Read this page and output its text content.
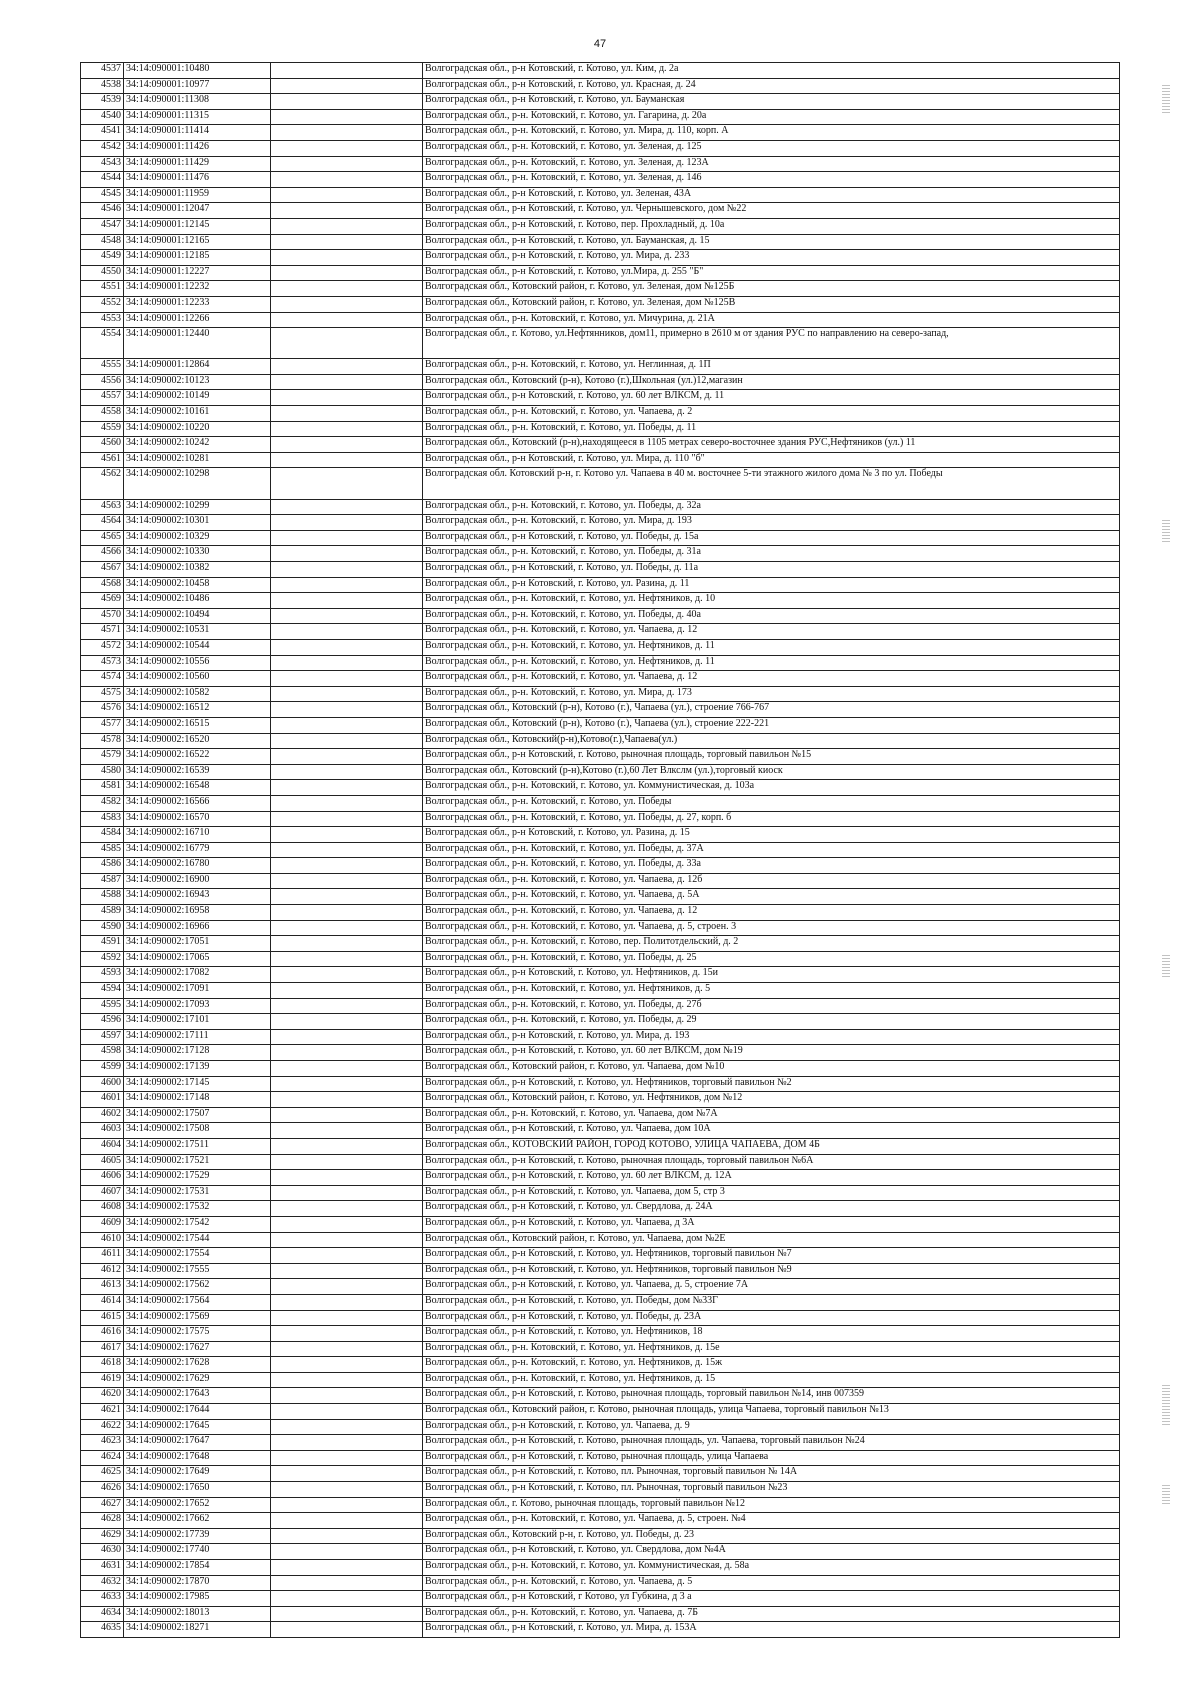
47
4537	34:14:090001:10480			Волгоградская обл., р-н Котовский, г. Котово, ул. Ким, д. 2а
4538	34:14:090001:10977			Волгоградская обл., р-н Котовский, г. Котово, ул. Красная, д. 24
4539	34:14:090001:11308			Волгоградская обл., р-н Котовский, г. Котово, ул. Бауманская
4540	34:14:090001:11315			Волгоградская обл., р-н. Котовский, г. Котово, ул. Гагарина, д. 20а
4541	34:14:090001:11414			Волгоградская обл., р-н. Котовский, г. Котово, ул. Мира, д. 110, корп. А
4542	34:14:090001:11426			Волгоградская обл., р-н. Котовский, г. Котово, ул. Зеленая, д. 125
4543	34:14:090001:11429			Волгоградская обл., р-н. Котовский, г. Котово, ул. Зеленая, д. 123А
4544	34:14:090001:11476			Волгоградская обл., р-н. Котовский, г. Котово, ул. Зеленая, д. 146
4545	34:14:090001:11959			Волгоградская обл., р-н Котовский, г. Котово, ул. Зеленая, 43А
4546	34:14:090001:12047			Волгоградская обл., р-н Котовский, г. Котово, ул. Чернышевского, дом №22
4547	34:14:090001:12145			Волгоградская обл., р-н Котовский, г. Котово, пер. Прохладный, д. 10а
4548	34:14:090001:12165			Волгоградская обл., р-н Котовский, г. Котово, ул. Бауманская, д. 15
4549	34:14:090001:12185			Волгоградская обл., р-н Котовский, г. Котово, ул. Мира, д. 233
4550	34:14:090001:12227			Волгоградская обл., р-н Котовский, г. Котово, ул.Мира, д. 255 "Б"
4551	34:14:090001:12232			Волгоградская обл., Котовский район, г. Котово, ул. Зеленая, дом №125Б
4552	34:14:090001:12233			Волгоградская обл., Котовский район, г. Котово, ул. Зеленая, дом №125В
4553	34:14:090001:12266			Волгоградская обл., р-н. Котовский, г. Котово, ул. Мичурина, д. 21А
4554	34:14:090001:12440			Волгоградская обл., г. Котово, ул.Нефтянников, дом11, примерно в 2610 м от здания РУС по направлению на северо-запад,
4555	34:14:090001:12864			Волгоградская обл., р-н. Котовский, г. Котово, ул. Неглинная, д. 1П
4556	34:14:090002:10123			Волгоградская обл., Котовский (р-н), Котово (г.),Школьная (ул.)12,магазин
4557	34:14:090002:10149			Волгоградская обл., р-н Котовский, г. Котово, ул. 60 лет ВЛКСМ, д. 11
4558	34:14:090002:10161			Волгоградская обл., р-н. Котовский, г. Котово, ул. Чапаева, д. 2
4559	34:14:090002:10220			Волгоградская обл., р-н. Котовский, г. Котово, ул. Победы, д. 11
4560	34:14:090002:10242			Волгоградская обл., Котовский (р-н),находящееся в 1105 метрах северо-восточнее здания РУС,Нефтяников (ул.) 11
4561	34:14:090002:10281			Волгоградская обл., р-н Котовский, г. Котово, ул. Мира, д. 110 "б"
4562	34:14:090002:10298			Волгоградская обл. Котовский р-н, г. Котово ул. Чапаева в 40 м. восточнее 5-ти этажного жилого дома № 3 по ул. Победы
4563	34:14:090002:10299			Волгоградская обл., р-н. Котовский, г. Котово, ул. Победы, д. 32а
4564	34:14:090002:10301			Волгоградская обл., р-н. Котовский, г. Котово, ул. Мира, д. 193
4565	34:14:090002:10329			Волгоградская обл., р-н Котовский, г. Котово, ул. Победы, д. 15а
4566	34:14:090002:10330			Волгоградская обл., р-н. Котовский, г. Котово, ул. Победы, д. 31а
4567	34:14:090002:10382			Волгоградская обл., р-н Котовский, г. Котово, ул. Победы, д. 11а
4568	34:14:090002:10458			Волгоградская обл., р-н Котовский, г. Котово, ул. Разина, д. 11
4569	34:14:090002:10486			Волгоградская обл., р-н. Котовский, г. Котово, ул. Нефтяников, д. 10
4570	34:14:090002:10494			Волгоградская обл., р-н. Котовский, г. Котово, ул. Победы, д. 40а
4571	34:14:090002:10531			Волгоградская обл., р-н. Котовский, г. Котово, ул. Чапаева, д. 12
4572	34:14:090002:10544			Волгоградская обл., р-н. Котовский, г. Котово, ул. Нефтяников, д. 11
4573	34:14:090002:10556			Волгоградская обл., р-н. Котовский, г. Котово, ул. Нефтяников, д. 11
4574	34:14:090002:10560			Волгоградская обл., р-н. Котовский, г. Котово, ул. Чапаева, д. 12
4575	34:14:090002:10582			Волгоградская обл., р-н. Котовский, г. Котово, ул. Мира, д. 173
4576	34:14:090002:16512			Волгоградская обл., Котовский (р-н), Котово (г.), Чапаева (ул.), строение 766-767
4577	34:14:090002:16515			Волгоградская обл., Котовский (р-н), Котово (г.), Чапаева (ул.), строение 222-221
4578	34:14:090002:16520			Волгоградская обл., Котовский(р-н),Котово(г.),Чапаева(ул.)
4579	34:14:090002:16522			Волгоградская обл., р-н Котовский, г. Котово, рыночная площадь, торговый павильон №15
4580	34:14:090002:16539			Волгоградская обл., Котовский (р-н),Котово (г.),60 Лет Влкслм (ул.),торговый киоск
4581	34:14:090002:16548			Волгоградская обл., р-н. Котовский, г. Котово, ул. Коммунистическая, д. 103а
4582	34:14:090002:16566			Волгоградская обл., р-н. Котовский, г. Котово, ул. Победы
4583	34:14:090002:16570			Волгоградская обл., р-н. Котовский, г. Котово, ул. Победы, д. 27, корп. б
4584	34:14:090002:16710			Волгоградская обл., р-н Котовский, г. Котово, ул. Разина, д. 15
4585	34:14:090002:16779			Волгоградская обл., р-н. Котовский, г. Котово, ул. Победы, д. 37А
4586	34:14:090002:16780			Волгоградская обл., р-н. Котовский, г. Котово, ул. Победы, д. 33а
4587	34:14:090002:16900			Волгоградская обл., р-н. Котовский, г. Котово, ул. Чапаева, д. 12б
4588	34:14:090002:16943			Волгоградская обл., р-н. Котовский, г. Котово, ул. Чапаева, д. 5А
4589	34:14:090002:16958			Волгоградская обл., р-н. Котовский, г. Котово, ул. Чапаева, д. 12
4590	34:14:090002:16966			Волгоградская обл., р-н. Котовский, г. Котово, ул. Чапаева, д. 5, строен. 3
4591	34:14:090002:17051			Волгоградская обл., р-н. Котовский, г. Котово, пер. Политотдельский, д. 2
4592	34:14:090002:17065			Волгоградская обл., р-н. Котовский, г. Котово, ул. Победы, д. 25
4593	34:14:090002:17082			Волгоградская обл., р-н Котовский, г. Котово, ул. Нефтяников, д. 15и
4594	34:14:090002:17091			Волгоградская обл., р-н. Котовский, г. Котово, ул. Нефтяников, д. 5
4595	34:14:090002:17093			Волгоградская обл., р-н. Котовский, г. Котово, ул. Победы, д. 27б
4596	34:14:090002:17101			Волгоградская обл., р-н. Котовский, г. Котово, ул. Победы, д. 29
4597	34:14:090002:17111			Волгоградская обл., р-н Котовский, г. Котово, ул. Мира, д. 193
4598	34:14:090002:17128			Волгоградская обл., р-н Котовский, г. Котово, ул. 60 лет ВЛКСМ, дом №19
4599	34:14:090002:17139			Волгоградская обл., Котовский район, г. Котово, ул. Чапаева, дом №10
4600	34:14:090002:17145			Волгоградская обл., р-н Котовский, г. Котово, ул. Нефтяников, торговый павильон №2
4601	34:14:090002:17148			Волгоградская обл., Котовский район, г. Котово, ул. Нефтяников, дом №12
4602	34:14:090002:17507			Волгоградская обл., р-н. Котовский, г. Котово, ул. Чапаева, дом №7А
4603	34:14:090002:17508			Волгоградская обл., р-н Котовский, г. Котово, ул. Чапаева, дом 10А
4604	34:14:090002:17511			Волгоградская обл., КОТОВСКИЙ РАЙОН, ГОРОД КОТОВО, УЛИЦА ЧАПАЕВА, ДОМ 4Б
4605	34:14:090002:17521			Волгоградская обл., р-н Котовский, г. Котово, рыночная площадь, торговый павильон №6А
4606	34:14:090002:17529			Волгоградская обл., р-н Котовский, г. Котово, ул. 60 лет ВЛКСМ, д. 12А
4607	34:14:090002:17531			Волгоградская обл., р-н Котовский, г. Котово, ул. Чапаева, дом 5, стр 3
4608	34:14:090002:17532			Волгоградская обл., р-н Котовский, г. Котово, ул. Свердлова, д. 24А
4609	34:14:090002:17542			Волгоградская обл., р-н Котовский, г. Котово, ул. Чапаева, д 3А
4610	34:14:090002:17544			Волгоградская обл., Котовский район, г. Котово, ул. Чапаева, дом №2Е
4611	34:14:090002:17554			Волгоградская обл., р-н Котовский, г. Котово, ул. Нефтяников, торговый павильон №7
4612	34:14:090002:17555			Волгоградская обл., р-н Котовский, г. Котово, ул. Нефтяников, торговый павильон №9
4613	34:14:090002:17562			Волгоградская обл., р-н Котовский, г. Котово, ул. Чапаева, д. 5, строение 7А
4614	34:14:090002:17564			Волгоградская обл., р-н Котовский, г. Котово, ул. Победы, дом №33Г
4615	34:14:090002:17569			Волгоградская обл., р-н Котовский, г. Котово, ул. Победы, д. 23А
4616	34:14:090002:17575			Волгоградская обл., р-н Котовский, г. Котово, ул. Нефтяников, 18
4617	34:14:090002:17627			Волгоградская обл., р-н. Котовский, г. Котово, ул. Нефтяников, д. 15е
4618	34:14:090002:17628			Волгоградская обл., р-н. Котовский, г. Котово, ул. Нефтяников, д. 15ж
4619	34:14:090002:17629			Волгоградская обл., р-н. Котовский, г. Котово, ул. Нефтяников, д. 15
4620	34:14:090002:17643			Волгоградская обл., р-н Котовский, г. Котово, рыночная площадь, торговый павильон №14, инв 007359
4621	34:14:090002:17644			Волгоградская обл., Котовский район, г. Котово, рыночная площадь, улица Чапаева, торговый павильон №13
4622	34:14:090002:17645			Волгоградская обл., р-н Котовский, г. Котово, ул. Чапаева, д. 9
4623	34:14:090002:17647			Волгоградская обл., р-н Котовский, г. Котово, рыночная площадь, ул. Чапаева, торговый павильон №24
4624	34:14:090002:17648			Волгоградская обл., р-н Котовский, г. Котово, рыночная площадь, улица Чапаева
4625	34:14:090002:17649			Волгоградская обл., р-н Котовский, г. Котово, пл. Рыночная, торговый павильон № 14А
4626	34:14:090002:17650			Волгоградская обл., р-н Котовский, г. Котово, пл. Рыночная, торговый павильон №23
4627	34:14:090002:17652			Волгоградская обл., г. Котово, рыночная площадь, торговый павильон №12
4628	34:14:090002:17662			Волгоградская обл., р-н. Котовский, г. Котово, ул. Чапаева, д. 5, строен. №4
4629	34:14:090002:17739			Волгоградская обл., Котовский р-н, г. Котово, ул. Победы, д. 23
4630	34:14:090002:17740			Волгоградская обл., р-н Котовский, г. Котово, ул. Свердлова, дом №4А
4631	34:14:090002:17854			Волгоградская обл., р-н. Котовский, г. Котово, ул. Коммунистическая, д. 58а
4632	34:14:090002:17870			Волгоградская обл., р-н. Котовский, г. Котово, ул. Чапаева, д. 5
4633	34:14:090002:17985			Волгоградская обл., р-н Котовский, г Котово, ул Губкина, д 3 а
4634	34:14:090002:18013			Волгоградская обл., р-н. Котовский, г. Котово, ул. Чапаева, д. 7Б
4635	34:14:090002:18271			Волгоградская обл., р-н Котовский, г. Котово, ул. Мира, д. 153А
